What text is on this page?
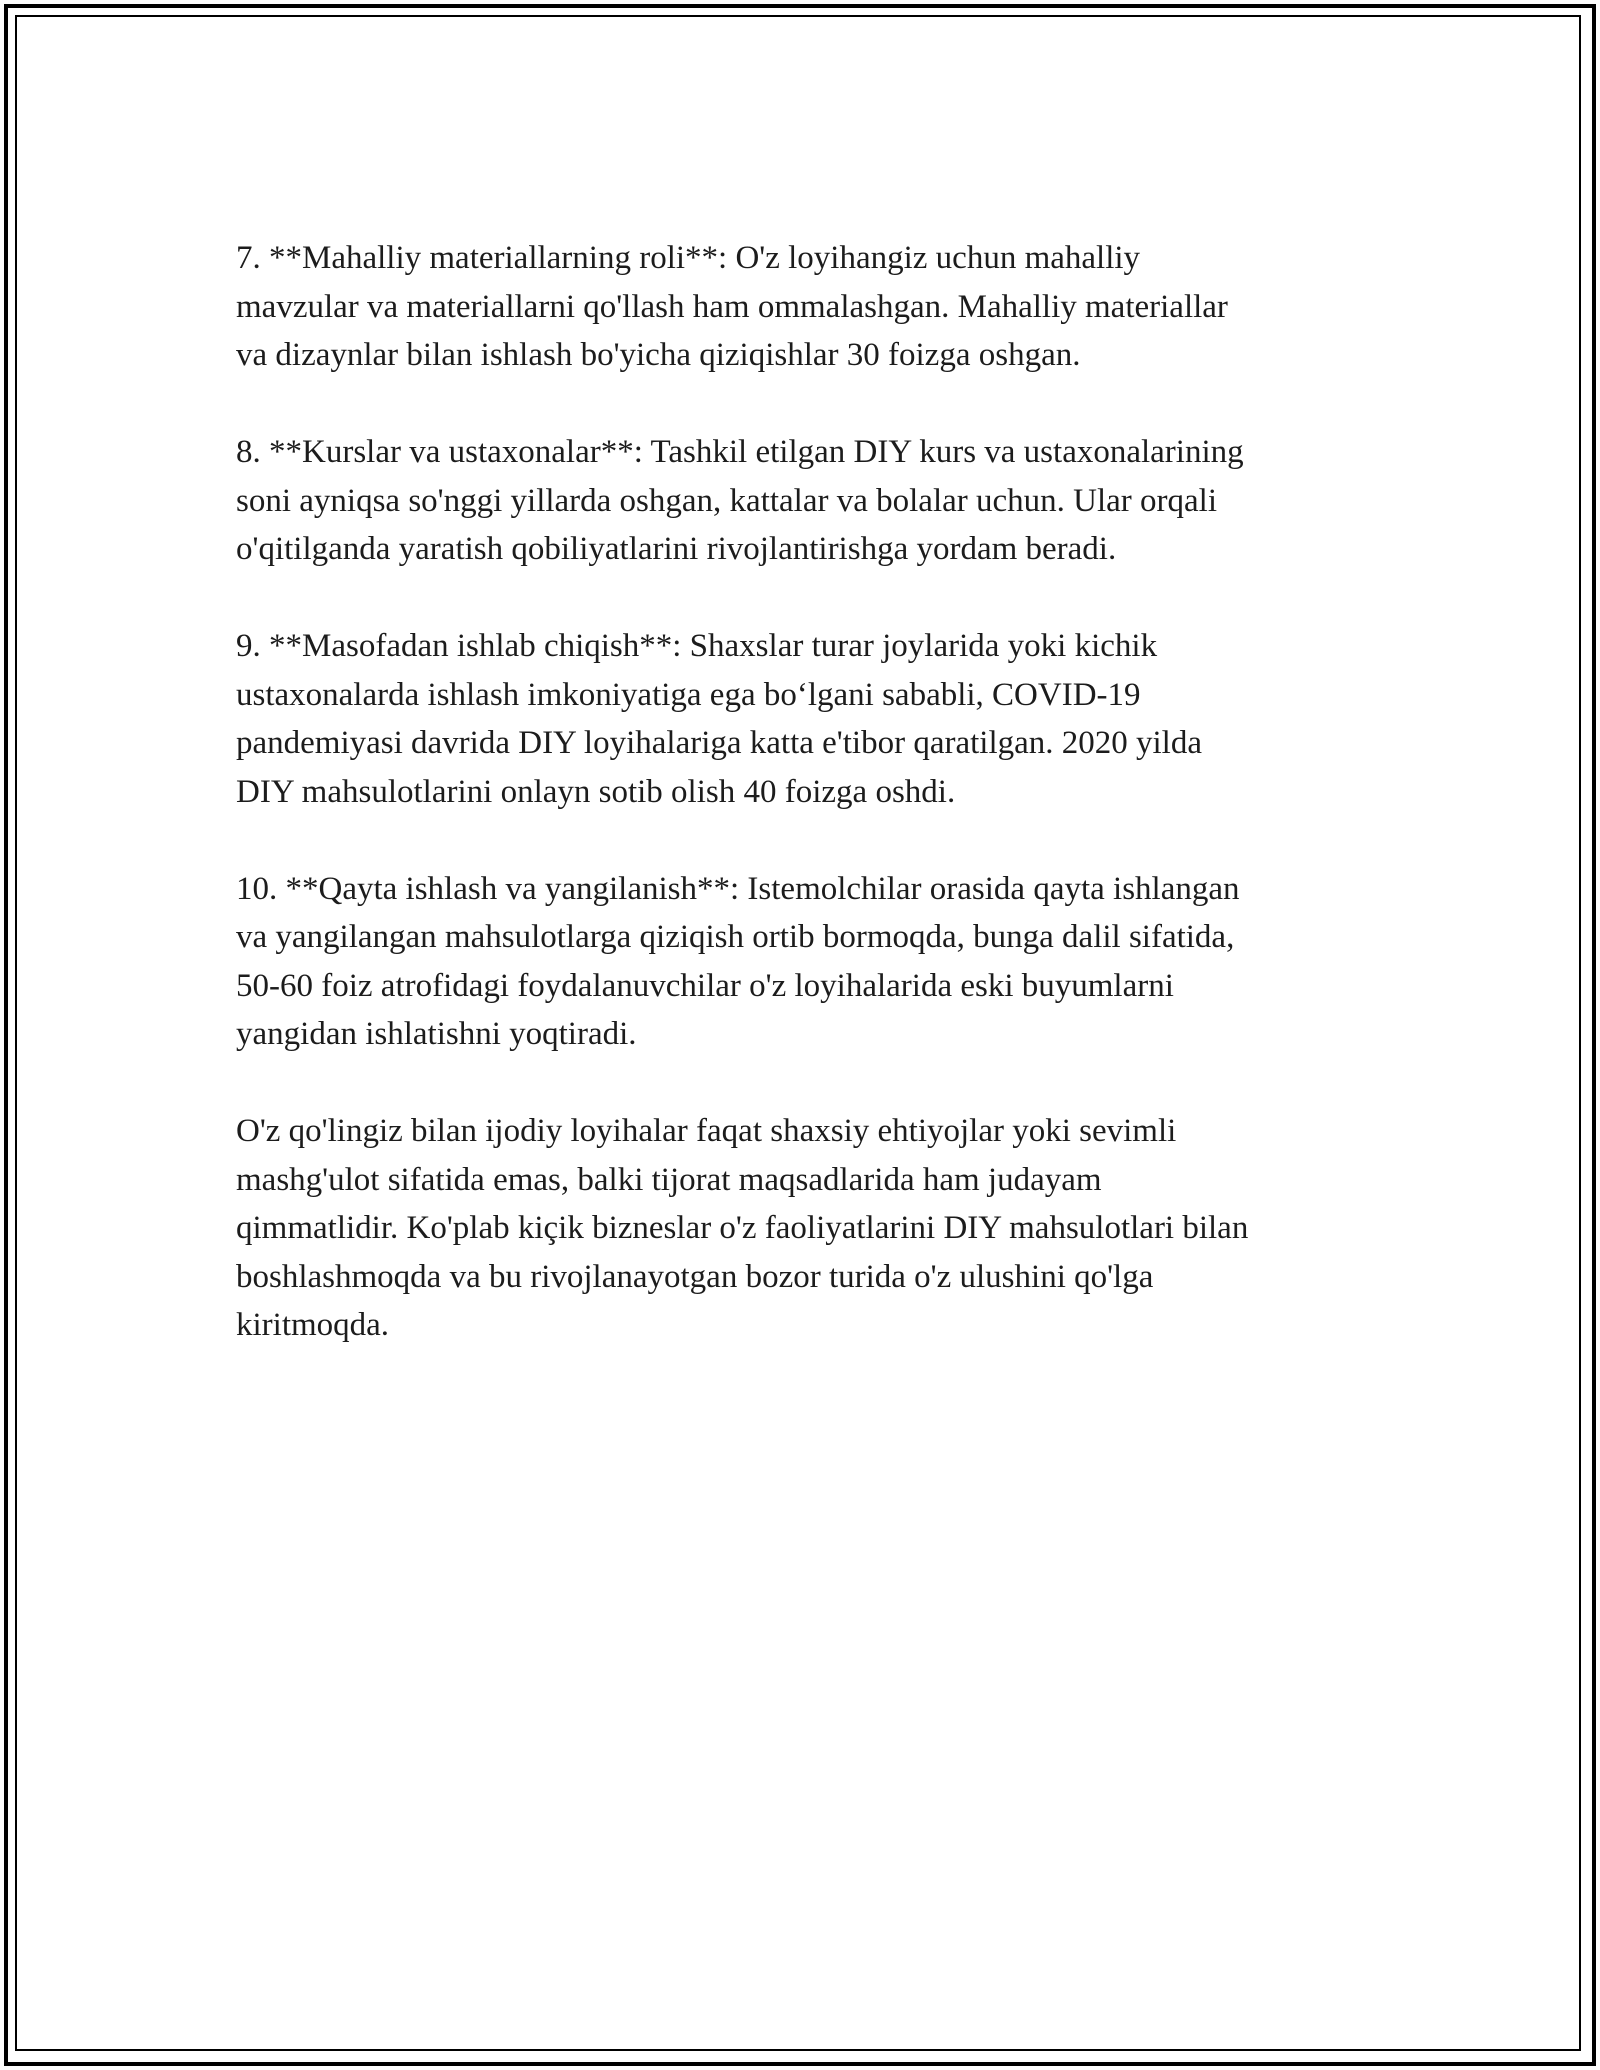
7. **Mahalliy materiallarning roli**: O'z loyihangiz uchun mahalliy
mavzular va materiallarni qo'llash ham ommalashgan. Mahalliy materiallar
va dizaynlar bilan ishlash bo'yicha qiziqishlar 30 foizga oshgan.

8. **Kurslar va ustaxonalar**: Tashkil etilgan DIY kurs va ustaxonalarining
soni ayniqsa so'nggi yillarda oshgan, kattalar va bolalar uchun. Ular orqali
o'qitilganda yaratish qobiliyatlarini rivojlantirishga yordam beradi.

9. **Masofadan ishlab chiqish**: Shaxslar turar joylarida yoki kichik
ustaxonalarda ishlash imkoniyatiga ega boʻlgani sababli, COVID-19
pandemiyasi davrida DIY loyihalariga katta e'tibor qaratilgan. 2020 yilda
DIY mahsulotlarini onlayn sotib olish 40 foizga oshdi.

10. **Qayta ishlash va yangilanish**: Istemolchilar orasida qayta ishlangan
va yangilangan mahsulotlarga qiziqish ortib bormoqda, bunga dalil sifatida,
50-60 foiz atrofidagi foydalanuvchilar o'z loyihalarida eski buyumlarni
yangidan ishlatishni yoqtiradi.

O'z qo'lingiz bilan ijodiy loyihalar faqat shaxsiy ehtiyojlar yoki sevimli
mashg'ulot sifatida emas, balki tijorat maqsadlarida ham judayam
qimmatlidir. Ko'plab kiçik bizneslar o'z faoliyatlarini DIY mahsulotlari bilan
boshlashmoqda va bu rivojlanayotgan bozor turida o'z ulushini qo'lga
kiritmoqda.
